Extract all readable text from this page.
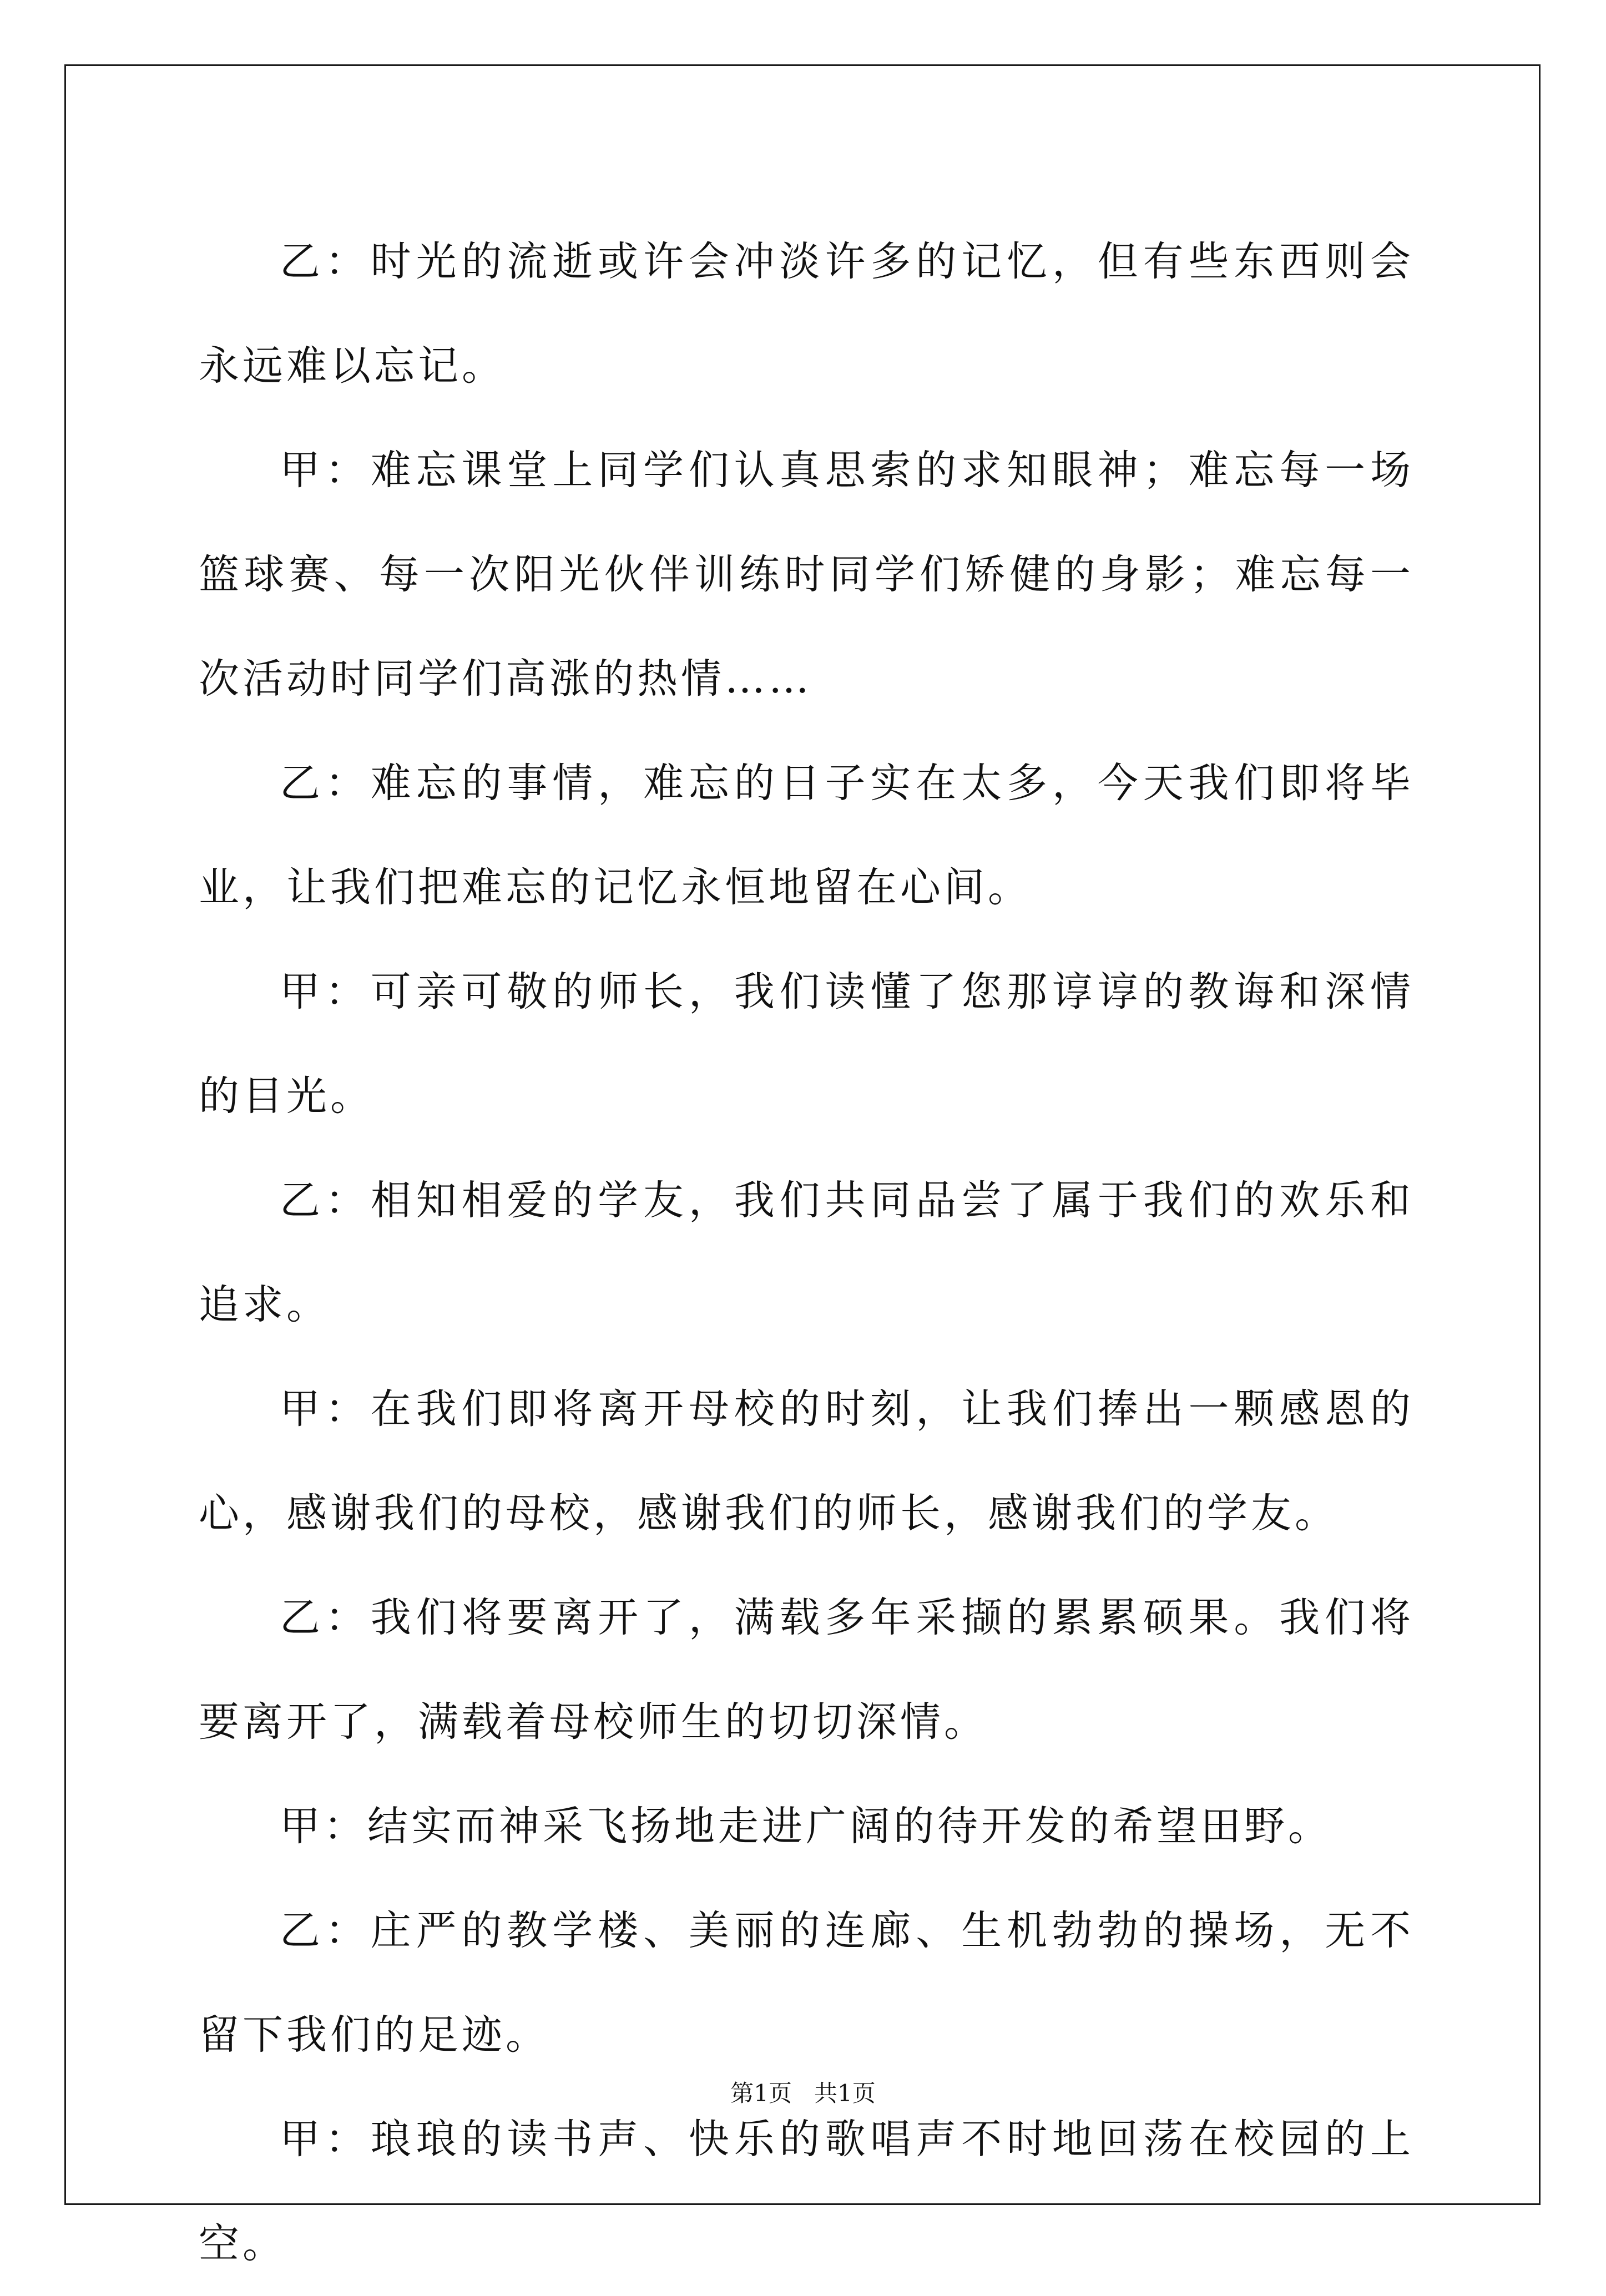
乙：时光的流逝或许会冲淡许多的记忆，但有些东西则会永远难以忘记。

甲：难忘课堂上同学们认真思索的求知眼神；难忘每一场篮球赛、每一次阳光伙伴训练时同学们矫健的身影；难忘每一次活动时同学们高涨的热情……

乙：难忘的事情，难忘的日子实在太多，今天我们即将毕业，让我们把难忘的记忆永恒地留在心间。

甲：可亲可敬的师长，我们读懂了您那谆谆的教诲和深情的目光。

乙：相知相爱的学友，我们共同品尝了属于我们的欢乐和追求。

甲：在我们即将离开母校的时刻，让我们捧出一颗感恩的心，感谢我们的母校，感谢我们的师长，感谢我们的学友。

乙：我们将要离开了，满载多年采撷的累累硕果。我们将要离开了，满载着母校师生的切切深情。

甲：结实而神采飞扬地走进广阔的待开发的希望田野。

乙：庄严的教学楼、美丽的连廊、生机勃勃的操场，无不留下我们的足迹。

甲：琅琅的读书声、快乐的歌唱声不时地回荡在校园的上空。

第1页 共1页
